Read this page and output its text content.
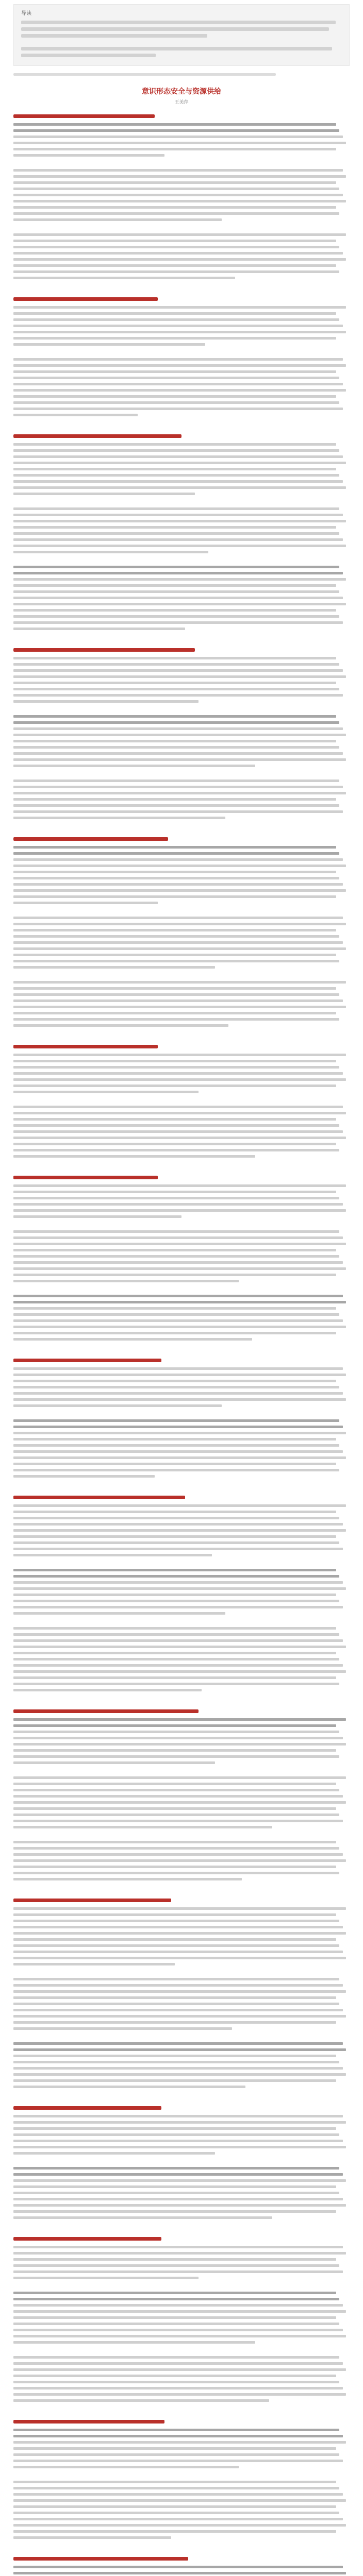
导读
意识形态安全与资源供给
王美萍
